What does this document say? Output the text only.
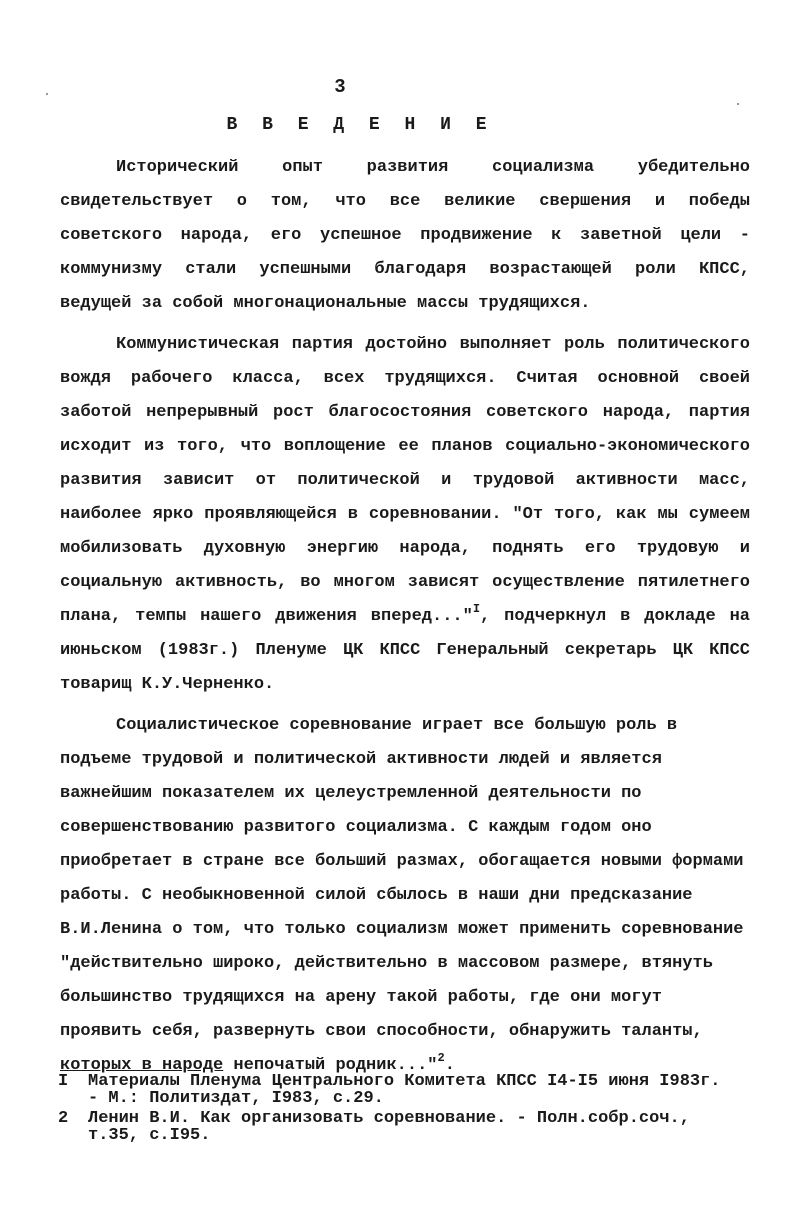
3
В В Е Д Е Н И Е

Исторический опыт развития социализма убедительно свидетельствует о том, что все великие свершения и победы советского народа, его успешное продвижение к заветной цели - коммунизму стали успешными благодаря возрастающей роли КПСС, ведущей за собой многонациональные массы трудящихся.

Коммунистическая партия достойно выполняет роль политического вождя рабочего класса, всех трудящихся. Считая основной своей заботой непрерывный рост благосостояния советского народа, партия исходит из того, что воплощение ее планов социально-экономического развития зависит от политической и трудовой активности масс, наиболее ярко проявляющейся в соревновании. "От того, как мы сумеем мобилизовать духовную энергию народа, поднять его трудовую и социальную активность, во многом зависят осуществление пятилетнего плана, темпы нашего движения вперед..."$^I$, подчеркнул в докладе на июньском (1983г.) Пленуме ЦК КПСС Генеральный секретарь ЦК КПСС товарищ К.У.Черненко.

Социалистическое соревнование играет все большую роль в подъеме трудовой и политической активности людей и является важнейшим показателем их целеустремленной деятельности по совершенствованию развитого социализма. С каждым годом оно приобретает в стране все больший размах, обогащается новыми формами работы. С необыкновенной силой сбылось в наши дни предсказание В.И.Ленина о том, что только социализм может применить соревнование "действительно широко, действительно в массовом размере, втянуть большинство трудящихся на арену такой работы, где они могут проявить себя, развернуть свои способности, обнаружить таланты, которых в народе непочатый родник..."$^2$.

I	Материалы Пленума Центрального Комитета КПСС I4-I5 июня I983г.
- М.: Политиздат, I983, с.29.
2	Ленин В.И. Как организовать соревнование. - Полн.собр.соч.,
т.35, с.I95.
